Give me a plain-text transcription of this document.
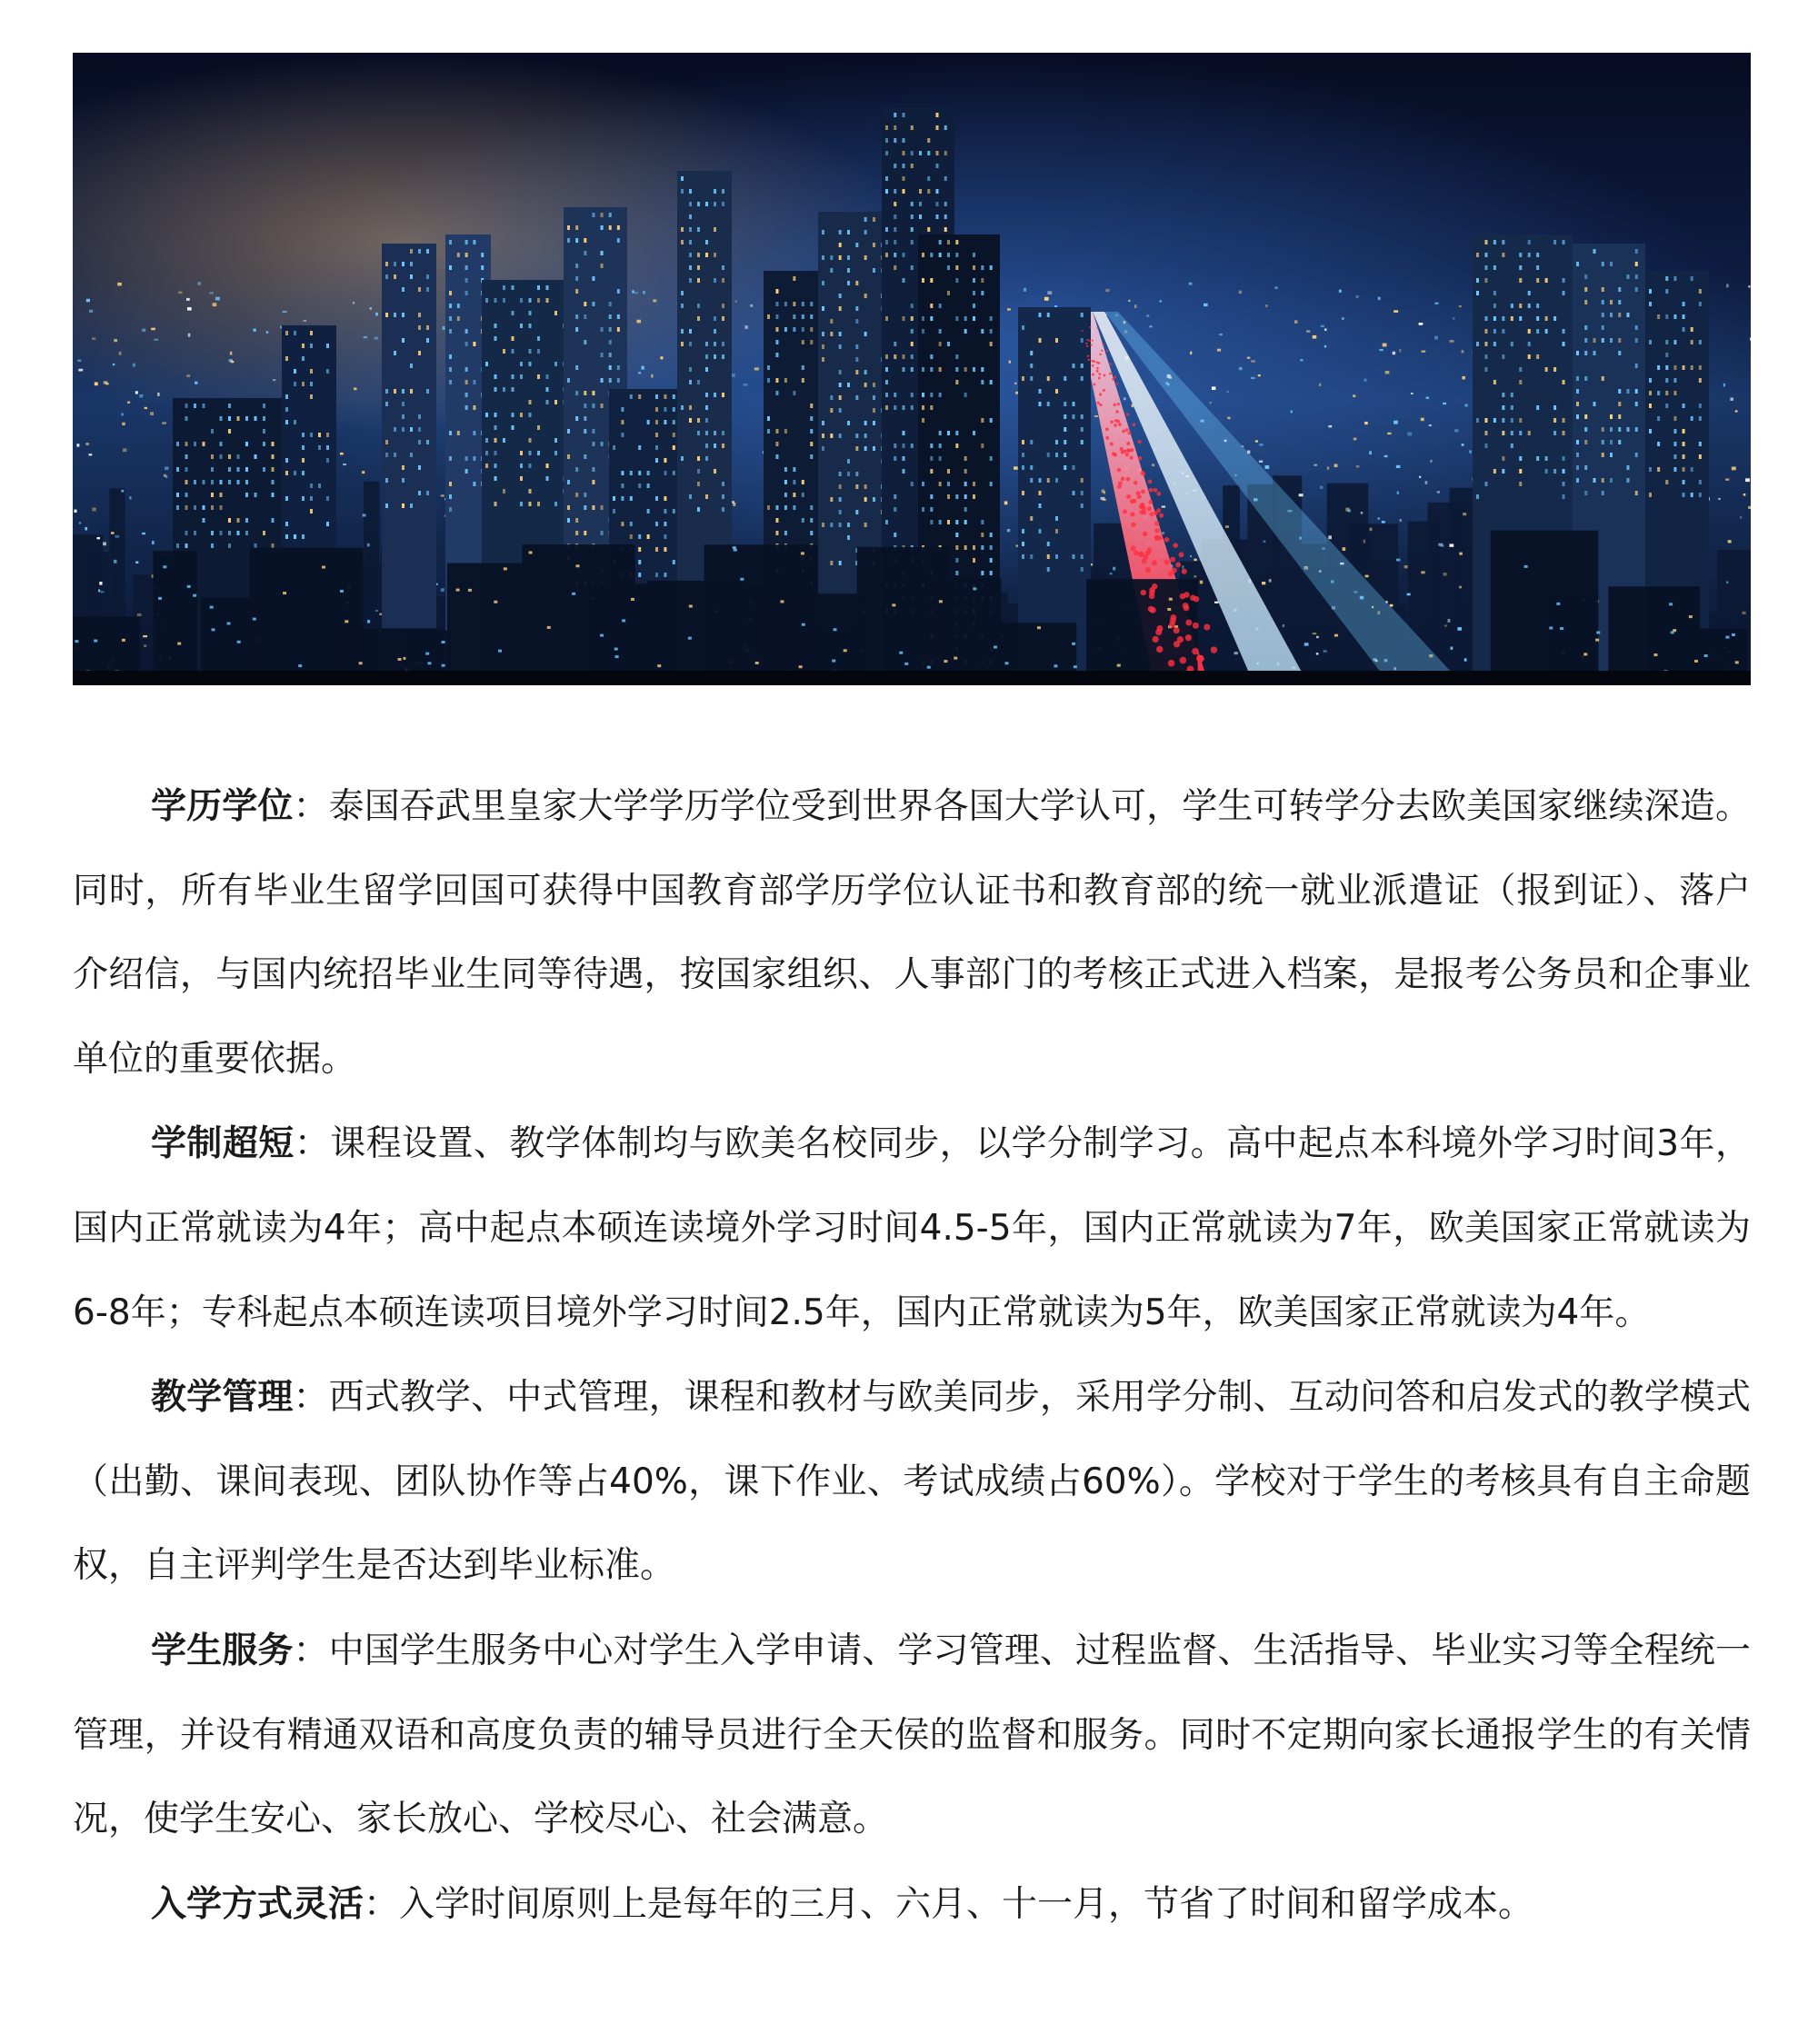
学历学位：泰国吞武里皇家大学学历学位受到世界各国大学认可，学生可转学分去欧美国家继续深造。同时，所有毕业生留学回国可获得中国教育部学历学位认证书和教育部的统一就业派遣证（报到证）、落户介绍信，与国内统招毕业生同等待遇，按国家组织、人事部门的考核正式进入档案，是报考公务员和企事业单位的重要依据。

学制超短：课程设置、教学体制均与欧美名校同步，以学分制学习。高中起点本科境外学习时间3年，国内正常就读为4年；高中起点本硕连读境外学习时间4.5-5年，国内正常就读为7年，欧美国家正常就读为6-8年；专科起点本硕连读项目境外学习时间2.5年，国内正常就读为5年，欧美国家正常就读为4年。

教学管理：西式教学、中式管理，课程和教材与欧美同步，采用学分制、互动问答和启发式的教学模式（出勤、课间表现、团队协作等占40%，课下作业、考试成绩占60%）。学校对于学生的考核具有自主命题权，自主评判学生是否达到毕业标准。

学生服务：中国学生服务中心对学生入学申请、学习管理、过程监督、生活指导、毕业实习等全程统一管理，并设有精通双语和高度负责的辅导员进行全天侯的监督和服务。同时不定期向家长通报学生的有关情况，使学生安心、家长放心、学校尽心、社会满意。

入学方式灵活：入学时间原则上是每年的三月、六月、十一月，节省了时间和留学成本。
